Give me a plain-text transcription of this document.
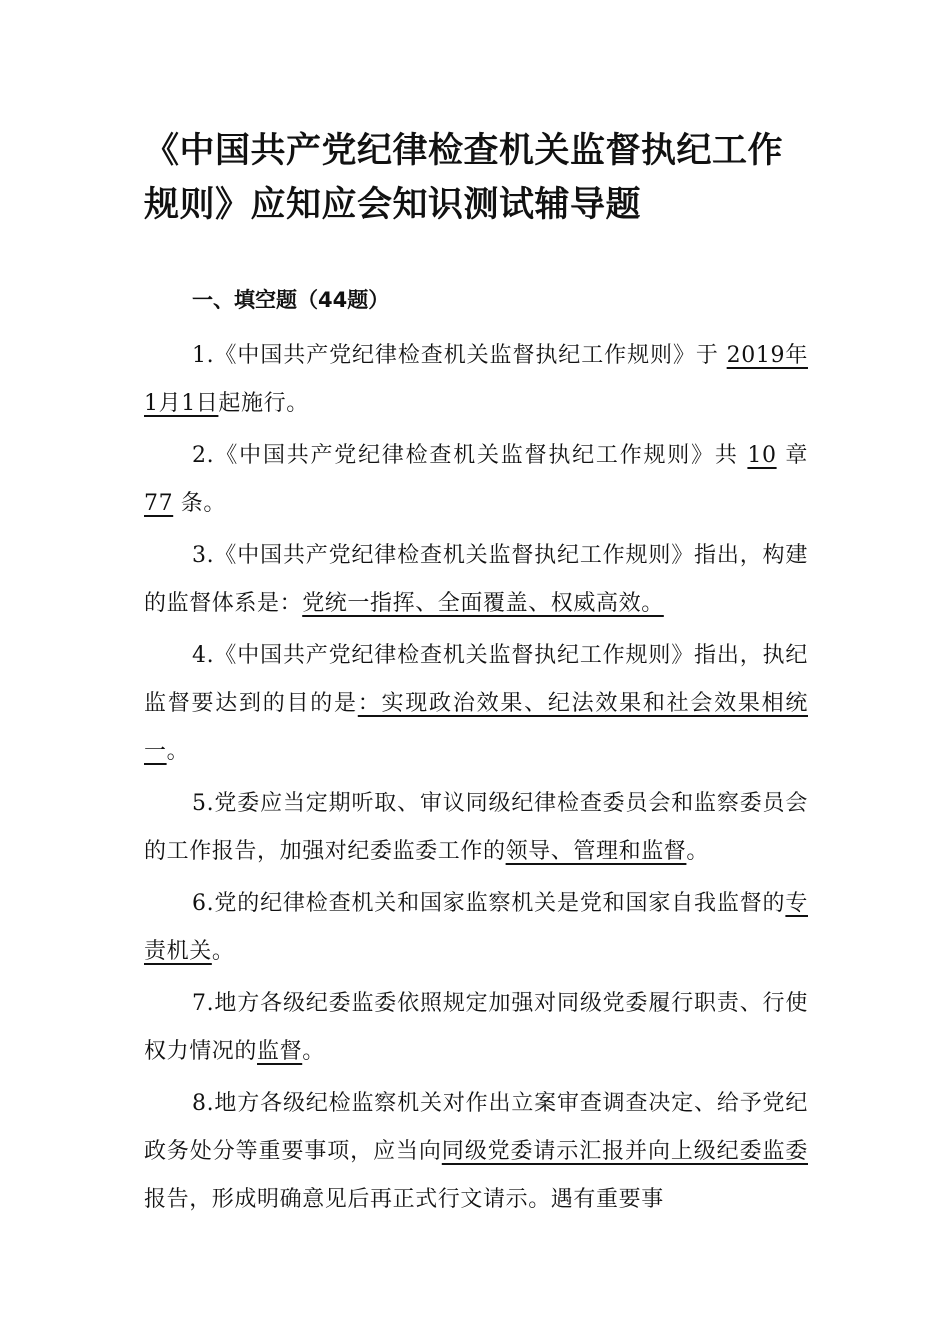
《中国共产党纪律检查机关监督执纪工作规则》应知应会知识测试辅导题
一、填空题（44题）

1.《中国共产党纪律检查机关监督执纪工作规则》于 2019年1月1日起施行。

2.《中国共产党纪律检查机关监督执纪工作规则》共 10 章 77 条。

3.《中国共产党纪律检查机关监督执纪工作规则》指出，构建的监督体系是：党统一指挥、全面覆盖、权威高效。

4.《中国共产党纪律检查机关监督执纪工作规则》指出，执纪监督要达到的目的是：实现政治效果、纪法效果和社会效果相统一。

5.党委应当定期听取、审议同级纪律检查委员会和监察委员会的工作报告，加强对纪委监委工作的领导、管理和监督。

6.党的纪律检查机关和国家监察机关是党和国家自我监督的专责机关。

7.地方各级纪委监委依照规定加强对同级党委履行职责、行使权力情况的监督。

8.地方各级纪检监察机关对作出立案审查调查决定、给予党纪政务处分等重要事项，应当向同级党委请示汇报并向上级纪委监委报告，形成明确意见后再正式行文请示。遇有重要事
